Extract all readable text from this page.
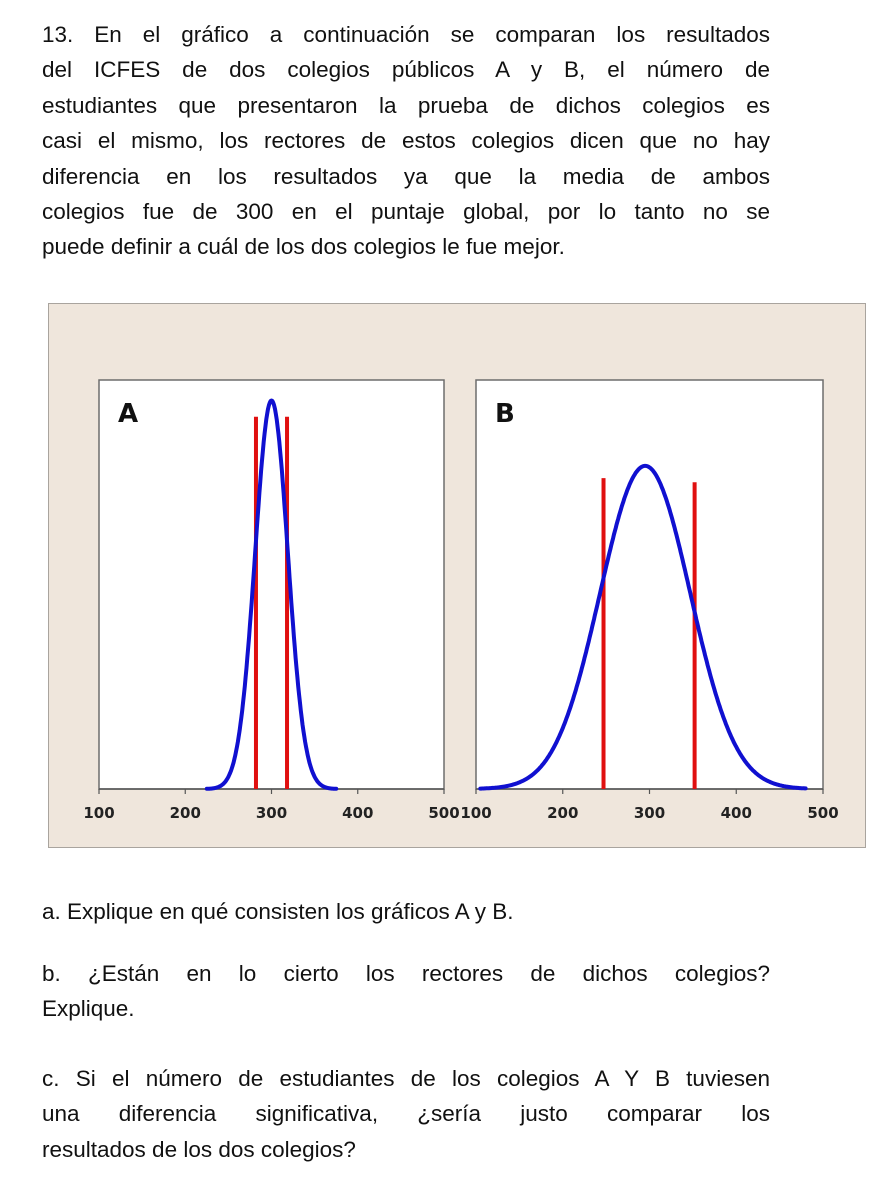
13. En el gráfico a continuación se comparan los resultados
del ICFES de dos colegios públicos A y B, el número de
estudiantes que presentaron la prueba de dichos colegios es
casi el mismo, los rectores de estos colegios dicen que no hay
diferencia en los resultados ya que la media de ambos
colegios fue de 300 en el puntaje global, por lo tanto no se
puede definir a cuál de los dos colegios le fue mejor.
A
100	200	300	400	500
B
100	200	300	400	500
a. Explique en qué consisten los gráficos A y B.
b. ¿Están en lo cierto los rectores de dichos colegios?
Explique.
c. Si el número de estudiantes de los colegios A Y B tuviesen
una diferencia significativa, ¿sería justo comparar los
resultados de los dos colegios?
